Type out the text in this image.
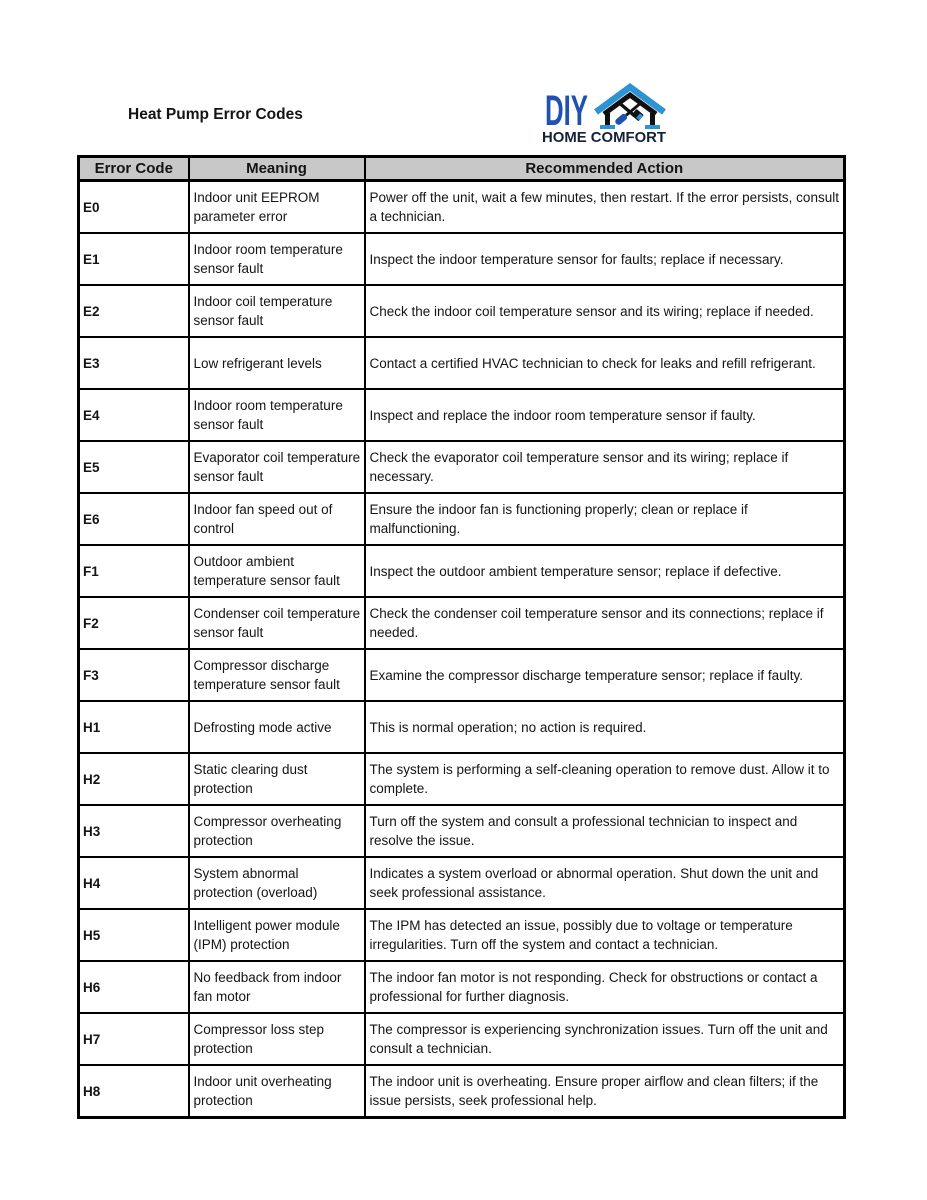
Heat Pump Error Codes	DIY
HOME COMFORT
Error Code	Meaning	Recommended Action
E0	Indoor unit EEPROM parameter error	Power off the unit, wait a few minutes, then restart. If the error persists, consult a technician.
E1	Indoor room temperature sensor fault	Inspect the indoor temperature sensor for faults; replace if necessary.
E2	Indoor coil temperature sensor fault	Check the indoor coil temperature sensor and its wiring; replace if needed.
E3	Low refrigerant levels	Contact a certified HVAC technician to check for leaks and refill refrigerant.
E4	Indoor room temperature sensor fault	Inspect and replace the indoor room temperature sensor if faulty.
E5	Evaporator coil temperature sensor fault	Check the evaporator coil temperature sensor and its wiring; replace if necessary.
E6	Indoor fan speed out of control	Ensure the indoor fan is functioning properly; clean or replace if malfunctioning.
F1	Outdoor ambient temperature sensor fault	Inspect the outdoor ambient temperature sensor; replace if defective.
F2	Condenser coil temperature sensor fault	Check the condenser coil temperature sensor and its connections; replace if needed.
F3	Compressor discharge temperature sensor fault	Examine the compressor discharge temperature sensor; replace if faulty.
H1	Defrosting mode active	This is normal operation; no action is required.
H2	Static clearing dust protection	The system is performing a self-cleaning operation to remove dust. Allow it to complete.
H3	Compressor overheating protection	Turn off the system and consult a professional technician to inspect and resolve the issue.
H4	System abnormal protection (overload)	Indicates a system overload or abnormal operation. Shut down the unit and seek professional assistance.
H5	Intelligent power module (IPM) protection	The IPM has detected an issue, possibly due to voltage or temperature irregularities. Turn off the system and contact a technician.
H6	No feedback from indoor fan motor	The indoor fan motor is not responding. Check for obstructions or contact a professional for further diagnosis.
H7	Compressor loss step protection	The compressor is experiencing synchronization issues. Turn off the unit and consult a technician.
H8	Indoor unit overheating protection	The indoor unit is overheating. Ensure proper airflow and clean filters; if the issue persists, seek professional help.
